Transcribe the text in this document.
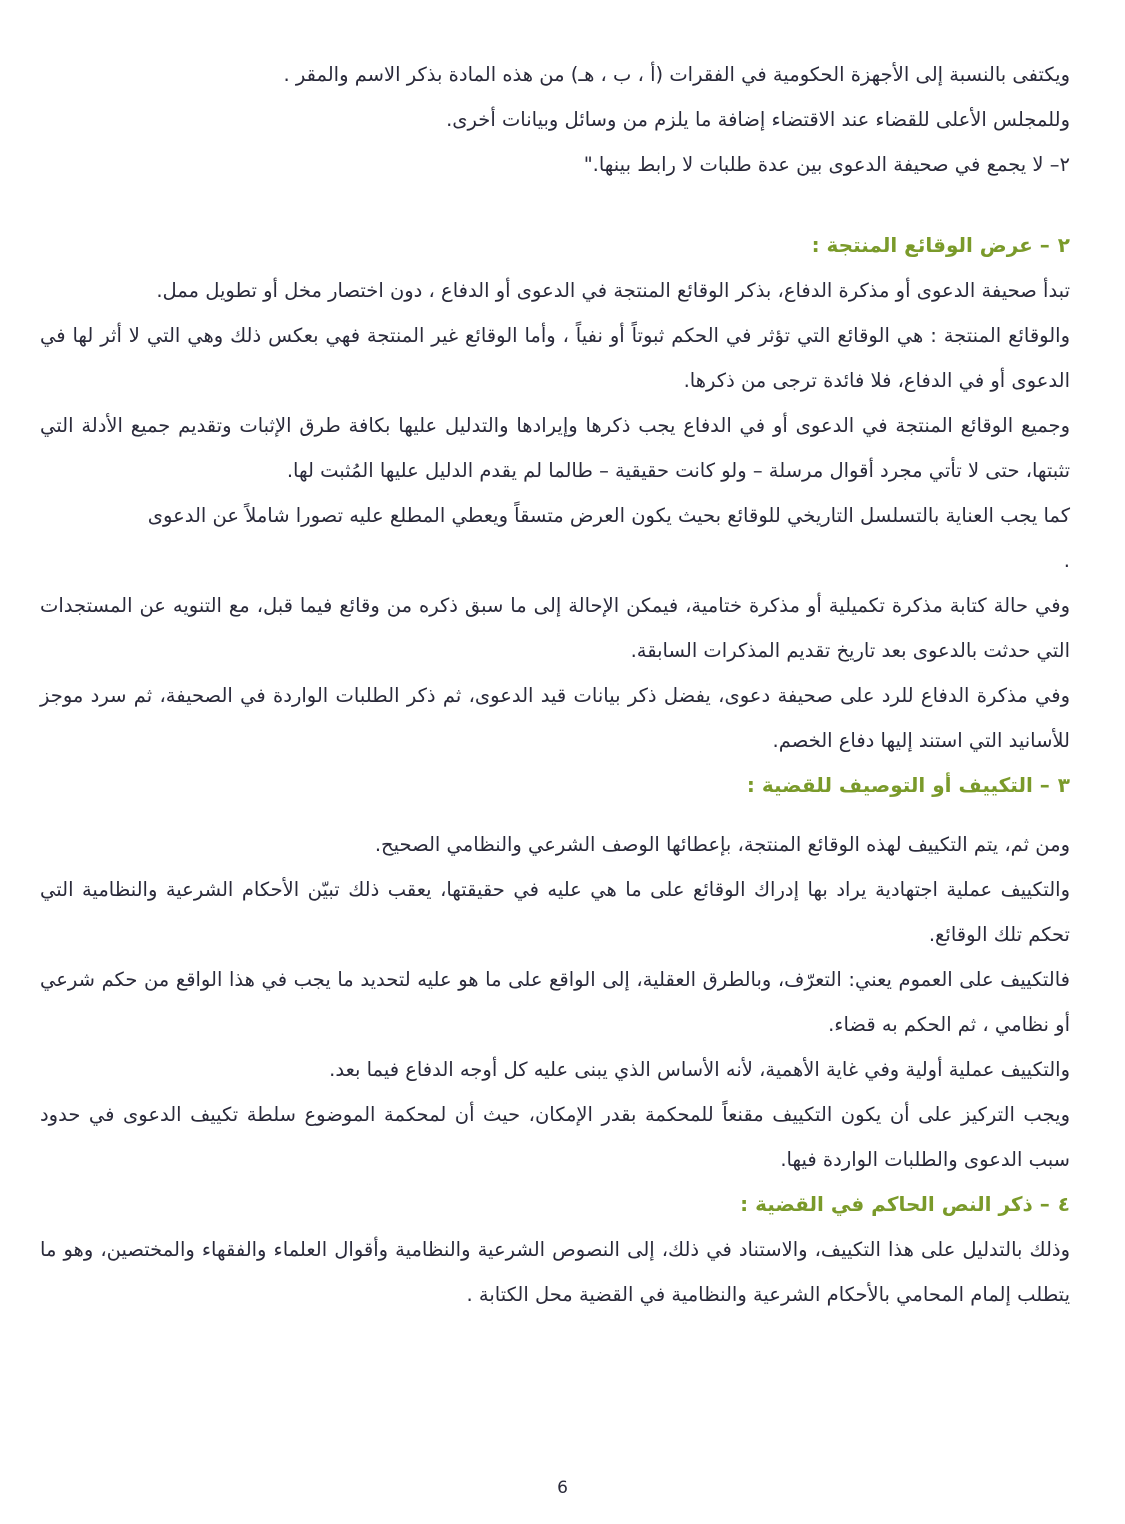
ويكتفى بالنسبة إلى الأجهزة الحكومية في الفقرات (أ ، ب ، هـ) من هذه المادة بذكر الاسم والمقر .

وللمجلس الأعلى للقضاء عند الاقتضاء إضافة ما يلزم من وسائل وبيانات أخرى.

٢– لا يجمع في صحيفة الدعوى بين عدة طلبات لا رابط بينها."

٢– عرض الوقائع المنتجة :

تبدأ صحيفة الدعوى أو مذكرة الدفاع، بذكر الوقائع المنتجة في الدعوى أو الدفاع ، دون اختصار مخل أو تطويل ممل.

والوقائع المنتجة : هي الوقائع التي تؤثر في الحكم ثبوتاً أو نفياً ، وأما الوقائع غير المنتجة فهي بعكس ذلك وهي التي لا أثر لها في الدعوى أو في الدفاع، فلا فائدة ترجى من ذكرها.

وجميع الوقائع المنتجة في الدعوى أو في الدفاع يجب ذكرها وإيرادها والتدليل عليها بكافة طرق الإثبات وتقديم جميع الأدلة التي تثبتها، حتى لا تأتي مجرد أقوال مرسلة – ولو كانت حقيقية – طالما لم يقدم الدليل عليها المُثبت لها.

كما يجب العناية بالتسلسل التاريخي للوقائع بحيث يكون العرض متسقاً ويعطي المطلع عليه تصورا شاملاً عن الدعوى

.

وفي حالة كتابة مذكرة تكميلية أو مذكرة ختامية، فيمكن الإحالة إلى ما سبق ذكره من وقائع فيما قبل، مع التنويه عن المستجدات التي حدثت بالدعوى بعد تاريخ تقديم المذكرات السابقة.

وفي مذكرة الدفاع للرد على صحيفة دعوى، يفضل ذكر بيانات قيد الدعوى، ثم ذكر الطلبات الواردة في الصحيفة، ثم سرد موجز للأسانيد التي استند إليها دفاع الخصم.

٣– التكييف أو التوصيف للقضية :

ومن ثم، يتم التكييف لهذه الوقائع المنتجة، بإعطائها الوصف الشرعي والنظامي الصحيح.

والتكييف عملية اجتهادية يراد بها إدراك الوقائع على ما هي عليه في حقيقتها، يعقب ذلك تبيّن الأحكام الشرعية والنظامية التي تحكم تلك الوقائع.

فالتكييف على العموم يعني: التعرّف، وبالطرق العقلية، إلى الواقع على ما هو عليه لتحديد ما يجب في هذا الواقع من حكم شرعي أو نظامي ، ثم الحكم به قضاء.

والتكييف عملية أولية وفي غاية الأهمية، لأنه الأساس الذي يبنى عليه كل أوجه الدفاع فيما بعد.

ويجب التركيز على أن يكون التكييف مقنعاً للمحكمة بقدر الإمكان، حيث أن لمحكمة الموضوع سلطة تكييف الدعوى في حدود سبب الدعوى والطلبات الواردة فيها.

٤– ذكر النص الحاكم في القضية :

وذلك بالتدليل على هذا التكييف، والاستناد في ذلك، إلى النصوص الشرعية والنظامية وأقوال العلماء والفقهاء والمختصين، وهو ما يتطلب إلمام المحامي بالأحكام الشرعية والنظامية في القضية محل الكتابة .

6
